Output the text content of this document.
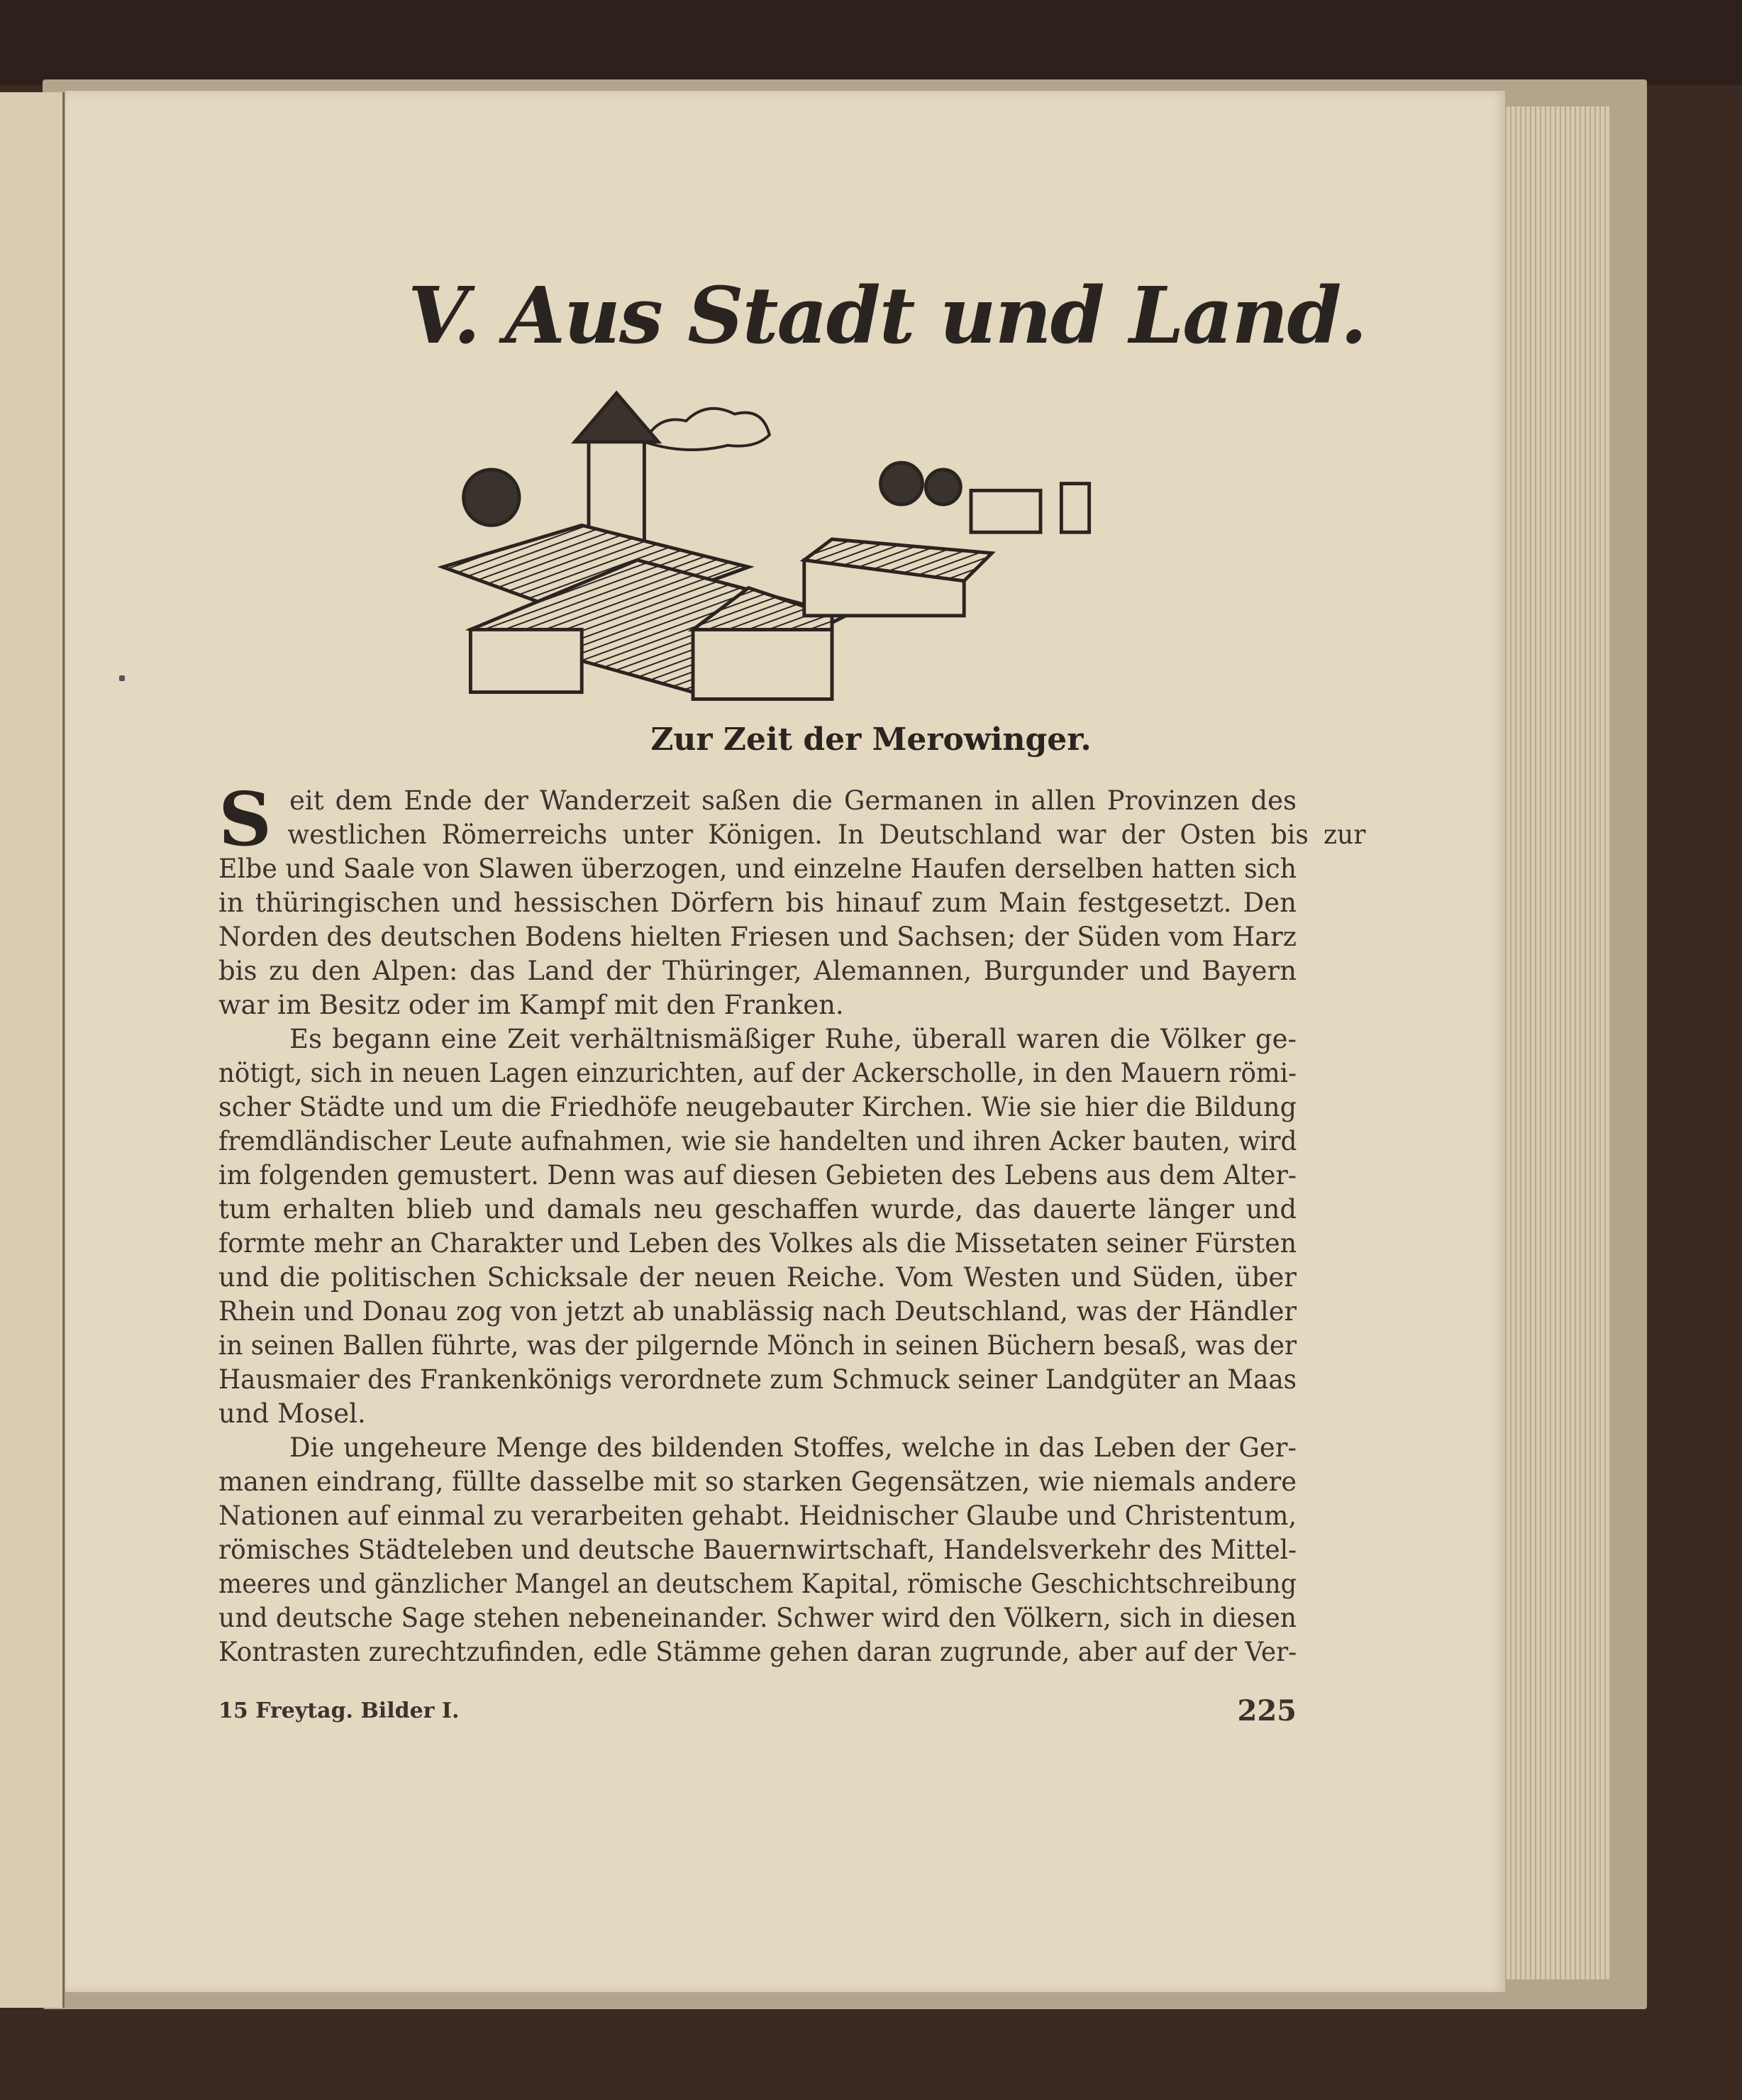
V. Aus Stadt und Land.
Zur Zeit der Merowinger.
S eit dem Ende der Wanderzeit saßen die Germanen in allen Provinzen des
westlichen Römerreichs unter Königen. In Deutschland war der Osten bis zur
Elbe und Saale von Slawen überzogen, und einzelne Haufen derselben hatten sich
in thüringischen und hessischen Dörfern bis hinauf zum Main festgesetzt. Den
Norden des deutschen Bodens hielten Friesen und Sachsen; der Süden vom Harz
bis zu den Alpen: das Land der Thüringer, Alemannen, Burgunder und Bayern
war im Besitz oder im Kampf mit den Franken.
Es begann eine Zeit verhältnismäßiger Ruhe, überall waren die Völker ge-
nötigt, sich in neuen Lagen einzurichten, auf der Ackerscholle, in den Mauern römi-
scher Städte und um die Friedhöfe neugebauter Kirchen. Wie sie hier die Bildung
fremdländischer Leute aufnahmen, wie sie handelten und ihren Acker bauten, wird
im folgenden gemustert. Denn was auf diesen Gebieten des Lebens aus dem Alter-
tum erhalten blieb und damals neu geschaffen wurde, das dauerte länger und
formte mehr an Charakter und Leben des Volkes als die Missetaten seiner Fürsten
und die politischen Schicksale der neuen Reiche. Vom Westen und Süden, über
Rhein und Donau zog von jetzt ab unablässig nach Deutschland, was der Händler
in seinen Ballen führte, was der pilgernde Mönch in seinen Büchern besaß, was der
Hausmaier des Frankenkönigs verordnete zum Schmuck seiner Landgüter an Maas
und Mosel.
Die ungeheure Menge des bildenden Stoffes, welche in das Leben der Ger-
manen eindrang, füllte dasselbe mit so starken Gegensätzen, wie niemals andere
Nationen auf einmal zu verarbeiten gehabt. Heidnischer Glaube und Christentum,
römisches Städteleben und deutsche Bauernwirtschaft, Handelsverkehr des Mittel-
meeres und gänzlicher Mangel an deutschem Kapital, römische Geschichtschreibung
und deutsche Sage stehen nebeneinander. Schwer wird den Völkern, sich in diesen
Kontrasten zurechtzufinden, edle Stämme gehen daran zugrunde, aber auf der Ver-
15 Freytag. Bilder I.	225
